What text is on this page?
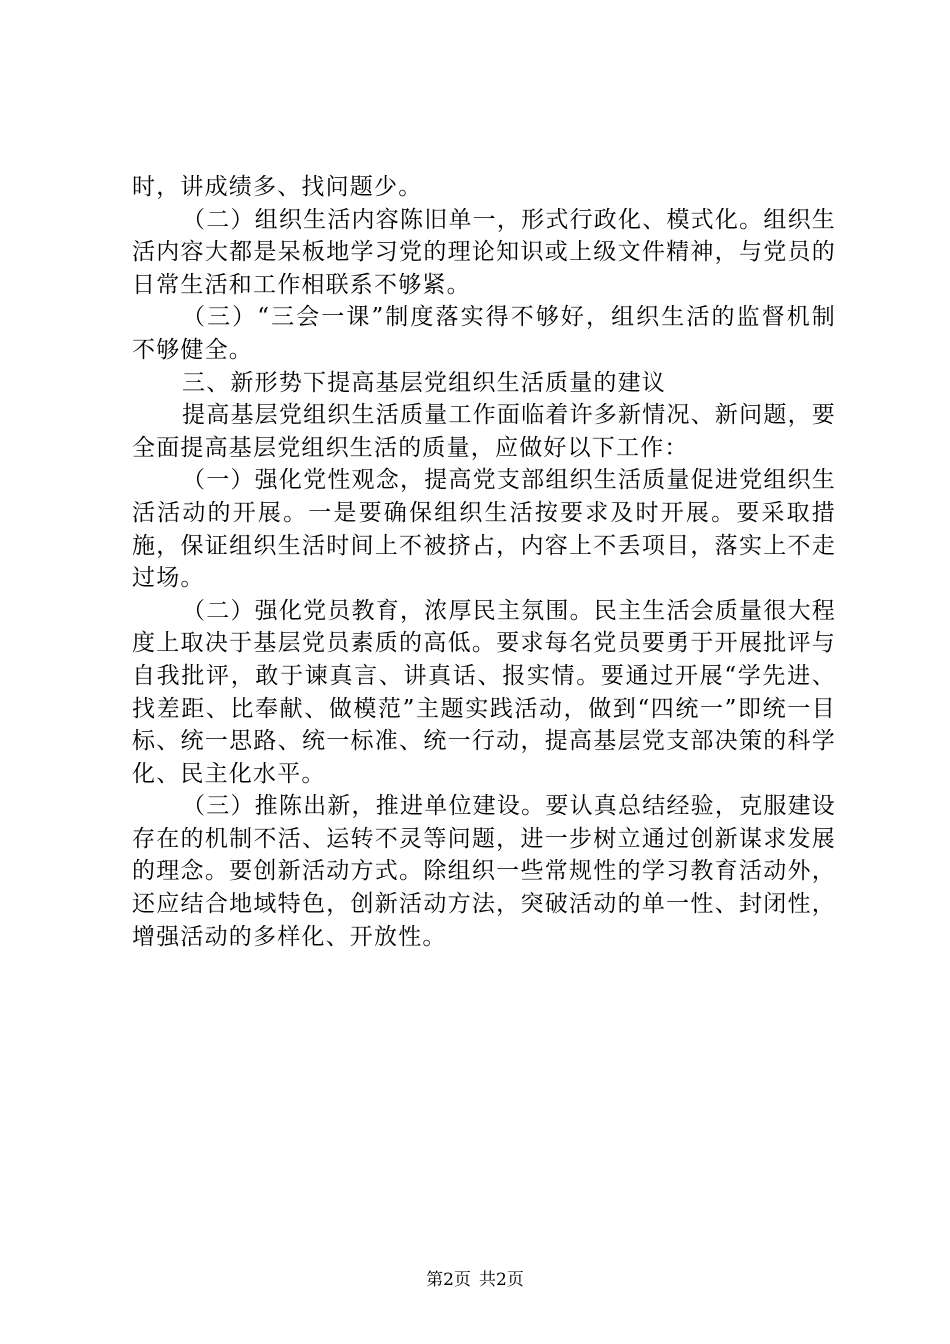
时，讲成绩多、找问题少。

（二）组织生活内容陈旧单一，形式行政化、模式化。组织生活内容大都是呆板地学习党的理论知识或上级文件精神，与党员的日常生活和工作相联系不够紧。

（三）“三会一课”制度落实得不够好，组织生活的监督机制不够健全。

三、新形势下提高基层党组织生活质量的建议

提高基层党组织生活质量工作面临着许多新情况、新问题，要全面提高基层党组织生活的质量，应做好以下工作：

（一）强化党性观念，提高党支部组织生活质量促进党组织生活活动的开展。一是要确保组织生活按要求及时开展。要采取措施，保证组织生活时间上不被挤占，内容上不丢项目，落实上不走过场。

（二）强化党员教育，浓厚民主氛围。民主生活会质量很大程度上取决于基层党员素质的高低。要求每名党员要勇于开展批评与自我批评，敢于谏真言、讲真话、报实情。要通过开展“学先进、找差距、比奉献、做模范”主题实践活动，做到“四统一”即统一目标、统一思路、统一标准、统一行动，提高基层党支部决策的科学化、民主化水平。

（三）推陈出新，推进单位建设。要认真总结经验，克服建设存在的机制不活、运转不灵等问题，进一步树立通过创新谋求发展的理念。要创新活动方式。除组织一些常规性的学习教育活动外，还应结合地域特色，创新活动方法，突破活动的单一性、封闭性，增强活动的多样化、开放性。

第2页 共2页
